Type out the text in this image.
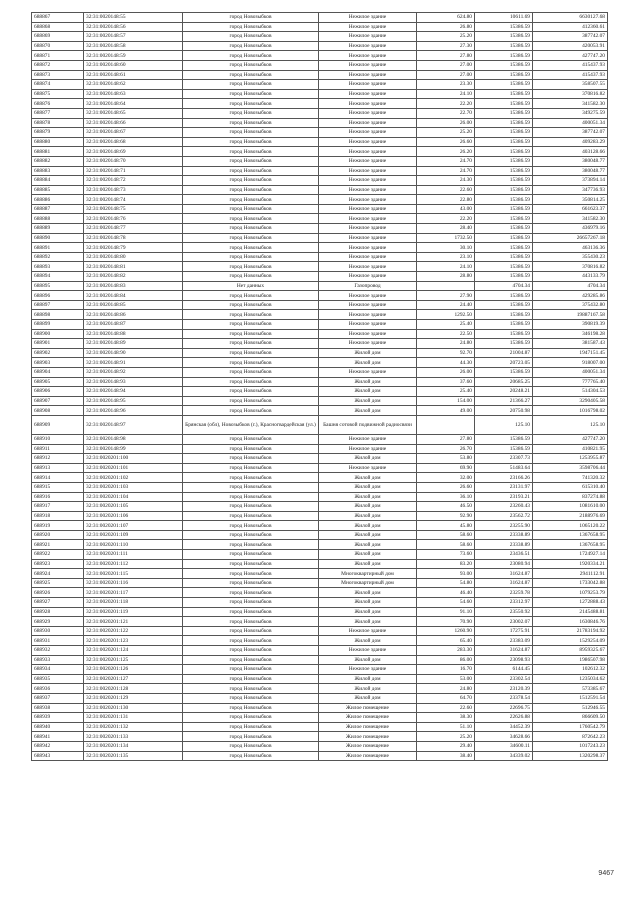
688867	32:31:0020148:55	город Новозыбков	Нежилое здание	624.80	10611.69	6630127.68
688868	32:31:0020148:56	город Новозыбков	Нежилое здание	26.80	15386.59	412360.61
688869	32:31:0020148:57	город Новозыбков	Нежилое здание	25.20	15386.59	387742.07
688870	32:31:0020148:58	город Новозыбков	Нежилое здание	27.30	15386.59	420053.91
688871	32:31:0020148:59	город Новозыбков	Нежилое здание	27.80	15386.59	427747.20
688872	32:31:0020148:60	город Новозыбков	Нежилое здание	27.00	15386.59	415437.93
688873	32:31:0020148:61	город Новозыбков	Нежилое здание	27.00	15386.59	415437.93
688874	32:31:0020148:62	город Новозыбков	Нежилое здание	23.30	15386.59	358507.55
688875	32:31:0020148:63	город Новозыбков	Нежилое здание	24.10	15386.59	370816.82
688876	32:31:0020148:64	город Новозыбков	Нежилое здание	22.20	15386.59	341582.30
688877	32:31:0020148:65	город Новозыбков	Нежилое здание	22.70	15386.59	349275.59
688878	32:31:0020148:66	город Новозыбков	Нежилое здание	26.00	15386.59	400051.34
688879	32:31:0020148:67	город Новозыбков	Нежилое здание	25.20	15386.59	387742.07
688880	32:31:0020148:68	город Новозыбков	Нежилое здание	26.60	15386.59	409283.29
688881	32:31:0020148:69	город Новозыбков	Нежилое здание	26.20	15386.59	403128.66
688882	32:31:0020148:70	город Новозыбков	Нежилое здание	24.70	15386.59	380048.77
688883	32:31:0020148:71	город Новозыбков	Нежилое здание	24.70	15386.59	380048.77
688884	32:31:0020148:72	город Новозыбков	Нежилое здание	24.30	15386.59	373894.14
688885	32:31:0020148:73	город Новозыбков	Нежилое здание	22.60	15386.59	347736.93
688886	32:31:0020148:74	город Новозыбков	Нежилое здание	22.80	15386.59	350814.25
688887	32:31:0020148:75	город Новозыбков	Нежилое здание	43.00	15386.59	661623.37
688888	32:31:0020148:76	город Новозыбков	Нежилое здание	22.20	15386.59	341582.30
688889	32:31:0020148:77	город Новозыбков	Нежилое здание	28.40	15386.59	436979.16
688890	32:31:0020148:78	город Новозыбков	Нежилое здание	1732.50	15386.59	26657267.18
688891	32:31:0020148:79	город Новозыбков	Нежилое здание	30.10	15386.59	463136.36
688892	32:31:0020148:80	город Новозыбков	Нежилое здание	23.10	15386.59	355430.23
688893	32:31:0020148:81	город Новозыбков	Нежилое здание	24.10	15386.59	370816.82
688894	32:31:0020148:82	город Новозыбков	Нежилое здание	28.80	15386.59	443133.79
688895	32:31:0020148:83	Нет данных	Газопровод		4704.34	4704.34
688896	32:31:0020148:84	город Новозыбков	Нежилое здание	27.90	15386.59	429285.86
688897	32:31:0020148:85	город Новозыбков	Нежилое здание	24.40	15386.59	375432.80
688898	32:31:0020148:86	город Новозыбков	Нежилое здание	1292.50	15386.59	19887167.58
688899	32:31:0020148:87	город Новозыбков	Нежилое здание	25.40	15386.59	390819.39
688900	32:31:0020148:88	город Новозыбков	Нежилое здание	22.50	15386.59	346198.28
688901	32:31:0020148:89	город Новозыбков	Нежилое здание	24.80	15386.59	381587.43
688902	32:31:0020148:90	город Новозыбков	Жилой дом	92.70	21004.87	1947151.45
688903	32:31:0020148:91	город Новозыбков	Жилой дом	44.30	20723.05	918007.00
688904	32:31:0020148:92	город Новозыбков	Нежилое здание	26.00	15386.59	400051.34
688905	32:31:0020148:93	город Новозыбков	Жилой дом	37.60	20685.25	777765.40
688906	32:31:0020148:94	город Новозыбков	Жилой дом	25.40	20248.21	514304.53
688907	32:31:0020148:95	город Новозыбков	Жилой дом	154.00	21366.27	3290405.58
688908	32:31:0020148:96	город Новозыбков	Жилой дом	49.00	20750.98	1016798.02
688909	32:31:0020148:97	Брянская (обл), Новозыбков (г.), Красногвардейская (ул.)	Башня сотовой подвижной радиосвязи		125.10	125.10
688910	32:31:0020148:98	город Новозыбков	Нежилое здание	27.80	15386.59	427747.20
688911	32:31:0020148:99	город Новозыбков	Нежилое здание	26.70	15386.59	410821.95
688912	32:31:0020201:100	город Новозыбков	Жилой дом	53.80	23307.73	1253955.87
688913	32:31:0020201:101	город Новозыбков	Нежилое здание	69.90	51483.64	3598706.44
688914	32:31:0020201:102	город Новозыбков	Жилой дом	32.00	23166.26	741320.32
688915	32:31:0020201:103	город Новозыбков	Жилой дом	26.60	23131.97	615310.40
688916	32:31:0020201:104	город Новозыбков	Жилой дом	36.10	23193.21	837274.88
688917	32:31:0020201:105	город Новозыбков	Жилой дом	46.50	23260.43	1081610.00
688918	32:31:0020201:106	город Новозыбков	Жилой дом	92.90	23562.72	2188976.69
688919	32:31:0020201:107	город Новозыбков	Жилой дом	45.80	23255.90	1065120.22
688920	32:31:0020201:109	город Новозыбков	Жилой дом	58.60	23338.89	1367658.95
688921	32:31:0020201:110	город Новозыбков	Жилой дом	58.60	23338.89	1367658.95
688922	32:31:0020201:111	город Новозыбков	Жилой дом	73.60	23436.51	1724927.14
688923	32:31:0020201:112	город Новозыбков	Жилой дом	83.20	23080.94	1920334.21
688924	32:31:0020201:115	город Новозыбков	Многоквартирный дом	93.00	31624.87	2941112.91
688925	32:31:0020201:116	город Новозыбков	Многоквартирный дом	54.80	31624.87	1733042.88
688926	32:31:0020201:117	город Новозыбков	Жилой дом	46.40	23259.78	1079253.79
688927	32:31:0020201:118	город Новозыбков	Жилой дом	54.60	23312.97	1272888.43
688928	32:31:0020201:119	город Новозыбков	Жилой дом	91.10	23550.92	2145488.81
688929	32:31:0020201:121	город Новозыбков	Жилой дом	70.90	23002.07	1630846.76
688930	32:31:0020201:122	город Новозыбков	Нежилое здание	1260.90	17275.91	21783194.92
688931	32:31:0020201:123	город Новозыбков	Жилой дом	65.40	23383.09	1529254.09
688932	32:31:0020201:124	город Новозыбков	Нежилое здание	283.30	31624.87	8959325.67
688933	32:31:0020201:125	город Новозыбков	Жилой дом	86.00	23098.93	1986507.98
688934	32:31:0020201:126	город Новозыбков	Нежилое здание	16.70	6144.45	102612.32
688935	32:31:0020201:127	город Новозыбков	Жилой дом	53.00	23302.54	1235034.62
688936	32:31:0020201:128	город Новозыбков	Жилой дом	24.80	23120.39	573385.67
688937	32:31:0020201:129	город Новозыбков	Жилой дом	64.70	23378.54	1512591.54
688938	32:31:0020201:130	город Новозыбков	Жилое помещение	22.60	22696.75	512946.55
688939	32:31:0020201:131	город Новозыбков	Жилое помещение	38.30	22626.88	866609.50
688940	32:31:0020201:132	город Новозыбков	Жилое помещение	51.10	34452.39	1760542.79
688941	32:31:0020201:133	город Новозыбков	Жилое помещение	25.20	34628.66	872642.23
688942	32:31:0020201:134	город Новозыбков	Жилое помещение	29.40	34600.11	1017243.23
688943	32:31:0020201:135	город Новозыбков	Жилое помещение	38.40	34339.02	1320298.37
9467
